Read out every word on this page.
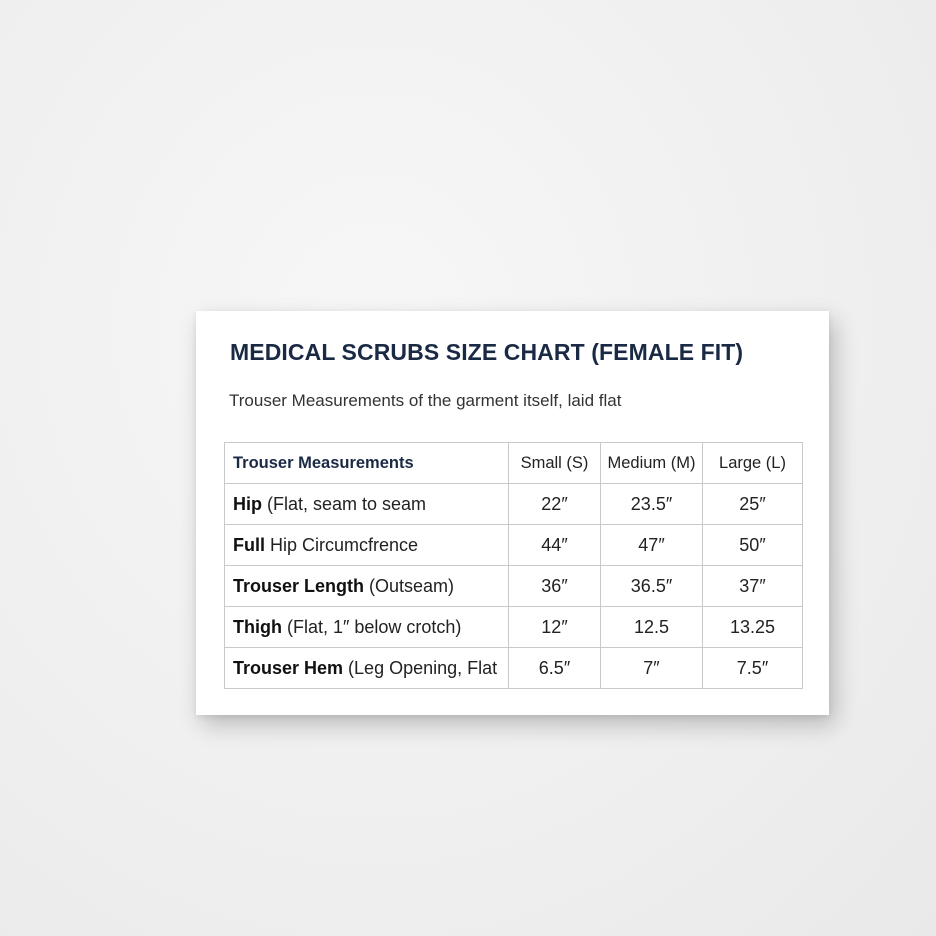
MEDICAL SCRUBS SIZE CHART (FEMALE FIT)
Trouser Measurements of the garment itself, laid flat
Trouser Measurements	Small (S)	Medium (M)	Large (L)
Hip (Flat, seam to seam	22″	23.5″	25″
Full Hip Circumcfrence	44″	47″	50″
Trouser Length (Outseam)	36″	36.5″	37″
Thigh (Flat, 1″ below crotch)	12″	12.5	13.25
Trouser Hem (Leg Opening, Flat	6.5″	7″	7.5″
